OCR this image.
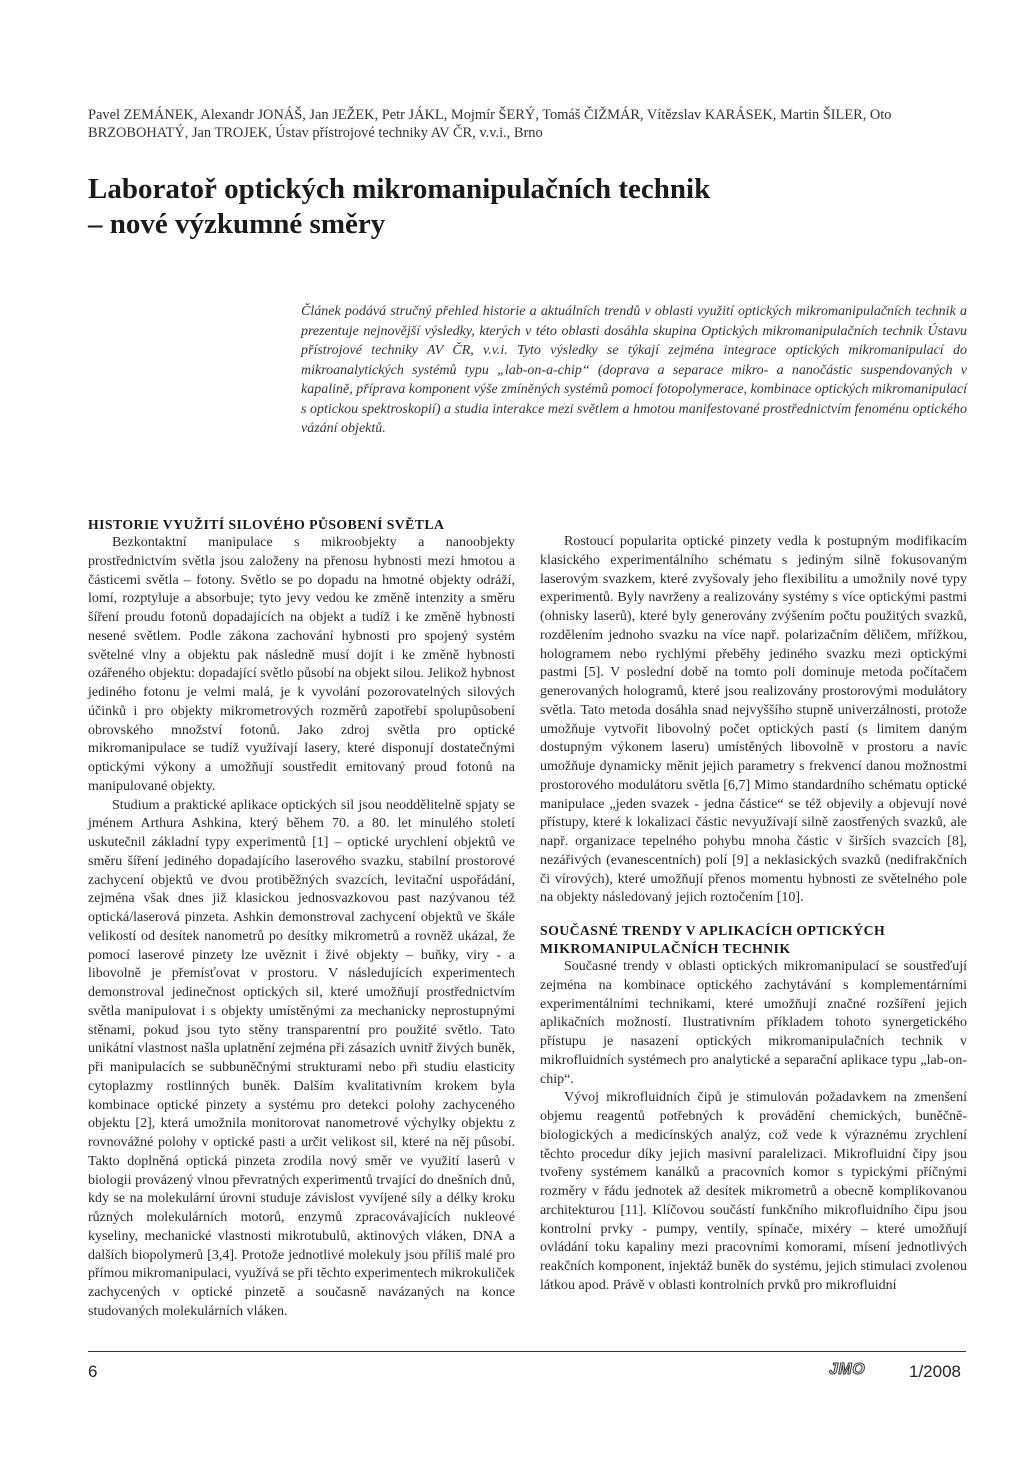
Pavel ZEMÁNEK, Alexandr JONÁŠ, Jan JEŽEK, Petr JÁKL, Mojmír ŠERÝ, Tomáš ČIŽMÁR, Vítězslav KARÁSEK, Martin ŠILER, Oto BRZOBOHATÝ, Jan TROJEK, Ústav přístrojové techniky AV ČR, v.v.i., Brno
Laboratoř optických mikromanipulačních technik
– nové výzkumné směry

Článek podává stručný přehled historie a aktuálních trendů v oblasti využití optických mikromanipulačních technik a prezentuje nejnovější výsledky, kterých v této oblasti dosáhla skupina Optických mikromanipulačních technik Ústavu přístrojové techniky AV ČR, v.v.i. Tyto výsledky se týkají zejména integrace optických mikromanipulací do mikroanalytických systémů typu „lab-on-a-chip“ (doprava a separace mikro- a nanočástic suspendovaných v kapalině, příprava komponent výše zmíněných systémů pomocí fotopolymerace, kombinace optických mikromanipulací s optickou spektroskopií) a studia interakce mezi světlem a hmotou manifestované prostřednictvím fenoménu optického vázání objektů.

HISTORIE VYUŽITÍ SILOVÉHO PŮSOBENÍ SVĚTLA

Bezkontaktní manipulace s mikroobjekty a nanoobjekty prostřednictvím světla jsou založeny na přenosu hybnosti mezi hmotou a částicemi světla – fotony. Světlo se po dopadu na hmotné objekty odráží, lomí, rozptyluje a absorbuje; tyto jevy vedou ke změně intenzity a směru šíření proudu fotonů dopadajících na objekt a tudíž i ke změně hybnosti nesené světlem. Podle zákona zachování hybnosti pro spojený systém světelné vlny a objektu pak následně musí dojít i ke změně hybnosti ozářeného objektu: dopadající světlo působí na objekt silou. Jelikož hybnost jediného fotonu je velmi malá, je k vyvolání pozorovatelných silových účinků i pro objekty mikrometrových rozměrů zapotřebí spolupůsobení obrovského množství fotonů. Jako zdroj světla pro optické mikromanipulace se tudíž využívají lasery, které disponují dostatečnými optickými výkony a umožňují soustředit emitovaný proud fotonů na manipulované objekty.

Studium a praktické aplikace optických sil jsou neoddělitelně spjaty se jménem Arthura Ashkina, který během 70. a 80. let minulého století uskutečnil základní typy experimentů [1] – optické urychlení objektů ve směru šíření jediného dopadajícího laserového svazku, stabilní prostorové zachycení objektů ve dvou protiběžných svazcích, levitační uspořádání, zejména však dnes již klasickou jednosvazkovou past nazývanou též optická/laserová pinzeta. Ashkin demonstroval zachycení objektů ve škále velikostí od desítek nanometrů po desítky mikrometrů a rovněž ukázal, že pomocí laserové pinzety lze uvěznit i živé objekty – buňky, viry - a libovolně je přemísťovat v prostoru. V následujících experimentech demonstroval jedinečnost optických sil, které umožňují prostřednictvím světla manipulovat i s objekty umístěnými za mechanicky neprostupnými stěnami, pokud jsou tyto stěny transparentní pro použité světlo. Tato unikátní vlastnost našla uplatnění zejména při zásazích uvnitř živých buněk, při manipulacích se subbuněčnými strukturami nebo při studiu elasticity cytoplazmy rostlinných buněk. Dalším kvalitativním krokem byla kombinace optické pinzety a systému pro detekci polohy zachyceného objektu [2], která umožnila monitorovat nanometrové výchylky objektu z rovnovážné polohy v optické pasti a určit velikost sil, které na něj působí. Takto doplněná optická pinzeta zrodila nový směr ve využití laserů v biologii provázený vlnou převratných experimentů trvající do dnešních dnů, kdy se na molekulární úrovni studuje závislost vyvíjené síly a délky kroku různých molekulárních motorů, enzymů zpracovávajících nukleové kyseliny, mechanické vlastnosti mikrotubulů, aktinových vláken, DNA a dalších biopolymerů [3,4]. Protože jednotlivé molekuly jsou příliš malé pro přímou mikromanipulaci, využívá se při těchto experimentech mikrokuliček zachycených v optické pinzetě a současně navázaných na konce studovaných molekulárních vláken.

Rostoucí popularita optické pinzety vedla k postupným modifikacím klasického experimentálního schématu s jediným silně fokusovaným laserovým svazkem, které zvyšovaly jeho flexibilitu a umožnily nové typy experimentů. Byly navrženy a realizovány systémy s více optickými pastmi (ohnisky laserů), které byly generovány zvýšením počtu použitých svazků, rozdělením jednoho svazku na více např. polarizačním děličem, mřížkou, hologramem nebo rychlými přeběhy jediného svazku mezi optickými pastmi [5]. V poslední době na tomto poli dominuje metoda počítačem generovaných hologramů, které jsou realizovány prostorovými modulátory světla. Tato metoda dosáhla snad nejvyššího stupně univerzálnosti, protože umožňuje vytvořit libovolný počet optických pastí (s limitem daným dostupným výkonem laseru) umístěných libovolně v prostoru a navíc umožňuje dynamicky měnit jejich parametry s frekvencí danou možnostmi prostorového modulátoru světla [6,7] Mimo standardního schématu optické manipulace „jeden svazek - jedna částice“ se též objevily a objevují nové přístupy, které k lokalizaci částic nevyužívají silně zaostřených svazků, ale např. organizace tepelného pohybu mnoha částic v širších svazcích [8], nezářivých (evanescentních) polí [9] a neklasických svazků (nedifrakčních či vírových), které umožňují přenos momentu hybnosti ze světelného pole na objekty následovaný jejich roztočením [10].

SOUČASNÉ TRENDY V APLIKACÍCH OPTICKÝCH MIKROMANIPULAČNÍCH TECHNIK

Současné trendy v oblasti optických mikromanipulací se soustřeďují zejména na kombinace optického zachytávání s komplementárními experimentálními technikami, které umožňují značné rozšíření jejich aplikačních možností. Ilustrativním příkladem tohoto synergetického přístupu je nasazení optických mikromanipulačních technik v mikrofluidních systémech pro analytické a separační aplikace typu „lab-on-chip“.

Vývoj mikrofluidních čipů je stimulován požadavkem na zmenšení objemu reagentů potřebných k provádění chemických, buněčně-biologických a medicínských analýz, což vede k výraznému zrychlení těchto procedur díky jejich masivní paralelizaci. Mikrofluidní čipy jsou tvořeny systémem kanálků a pracovních komor s typickými příčnými rozměry v řádu jednotek až desítek mikrometrů a obecně komplikovanou architekturou [11]. Klíčovou součástí funkčního mikrofluidního čipu jsou kontrolní prvky - pumpy, ventily, spínače, mixéry – které umožňují ovládání toku kapaliny mezi pracovními komorami, mísení jednotlivých reakčních komponent, injektáž buněk do systému, jejich stimulaci zvolenou látkou apod. Právě v oblasti kontrolních prvků pro mikrofluidní

6	JMO	1/2008
